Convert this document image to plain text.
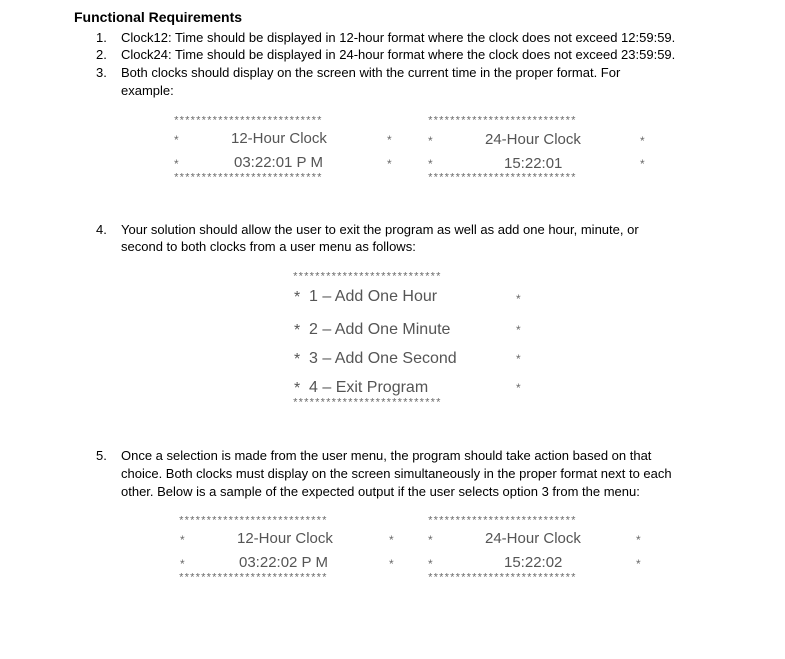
Functional Requirements
1. Clock12: Time should be displayed in 12-hour format where the clock does not exceed 12:59:59.
2. Clock24: Time should be displayed in 24-hour format where the clock does not exceed 23:59:59.
3. Both clocks should display on the screen with the current time in the proper format. For
example:
***************************
*	12-Hour Clock	*
*	03:22:01 P M	*
***************************
***************************
*	24-Hour Clock	*
*	15:22:01	*
***************************
4. Your solution should allow the user to exit the program as well as add one hour, minute, or
second to both clocks from a user menu as follows:
***************************
* 1 – Add One Hour	*
* 2 – Add One Minute	*
* 3 – Add One Second	*
* 4 – Exit Program	*
***************************
5. Once a selection is made from the user menu, the program should take action based on that
choice. Both clocks must display on the screen simultaneously in the proper format next to each
other. Below is a sample of the expected output if the user selects option 3 from the menu:
***************************
*	12-Hour Clock	*
*	03:22:02 P M	*
***************************
***************************
*	24-Hour Clock	*
*	15:22:02	*
***************************
